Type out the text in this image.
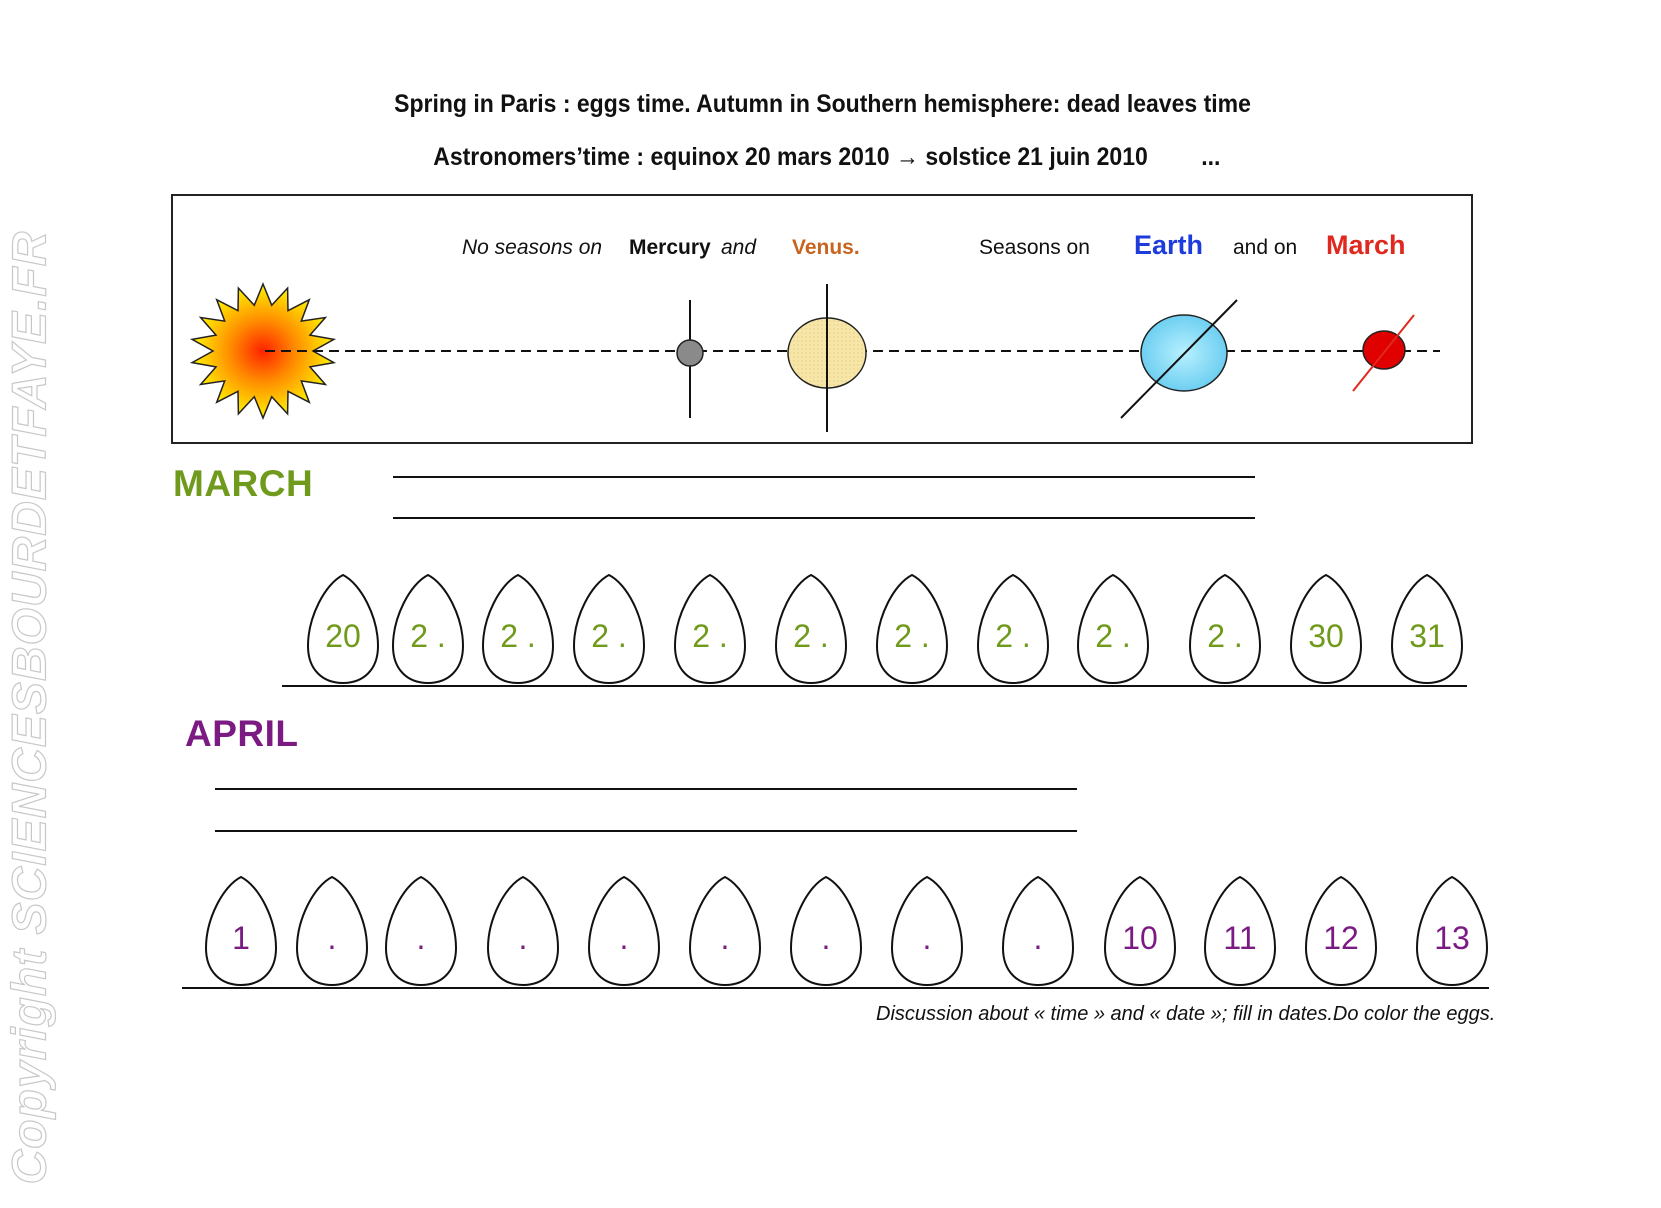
Spring in Paris : eggs time. Autumn in Southern hemisphere: dead leaves time
Astronomers’time : equinox 20 mars 2010 → solstice 21 juin 2010 ...
Copyright SCIENCESBOURDETFAYE.FR	No seasons on Mercury and Venus.	Seasons on Earth and on March
MARCH
20	2 .	2 .	2 .	2 .	2 .	2 .	2 .	2 .	2 .	30	31
APRIL
1	.	.	.	.	.	.	.	.	10	11	12	13
Discussion about « time » and « date »; fill in dates.Do color the eggs.
